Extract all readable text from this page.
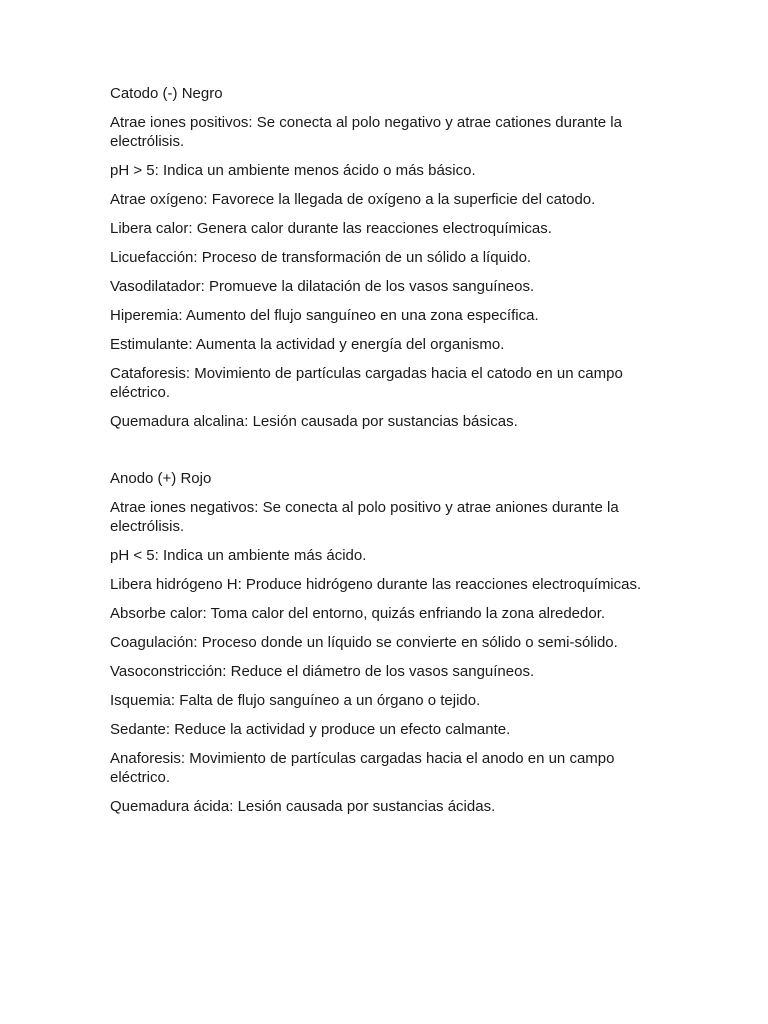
Catodo (-) Negro

Atrae iones positivos: Se conecta al polo negativo y atrae cationes durante la electrólisis.

pH > 5: Indica un ambiente menos ácido o más básico.

Atrae oxígeno: Favorece la llegada de oxígeno a la superficie del catodo.

Libera calor: Genera calor durante las reacciones electroquímicas.

Licuefacción: Proceso de transformación de un sólido a líquido.

Vasodilatador: Promueve la dilatación de los vasos sanguíneos.

Hiperemia: Aumento del flujo sanguíneo en una zona específica.

Estimulante: Aumenta la actividad y energía del organismo.

Cataforesis: Movimiento de partículas cargadas hacia el catodo en un campo eléctrico.

Quemadura alcalina: Lesión causada por sustancias básicas.

Anodo (+) Rojo

Atrae iones negativos: Se conecta al polo positivo y atrae aniones durante la electrólisis.

pH < 5: Indica un ambiente más ácido.

Libera hidrógeno H: Produce hidrógeno durante las reacciones electroquímicas.

Absorbe calor: Toma calor del entorno, quizás enfriando la zona alrededor.

Coagulación: Proceso donde un líquido se convierte en sólido o semi-sólido.

Vasoconstricción: Reduce el diámetro de los vasos sanguíneos.

Isquemia: Falta de flujo sanguíneo a un órgano o tejido.

Sedante: Reduce la actividad y produce un efecto calmante.

Anaforesis: Movimiento de partículas cargadas hacia el anodo en un campo eléctrico.

Quemadura ácida: Lesión causada por sustancias ácidas.
